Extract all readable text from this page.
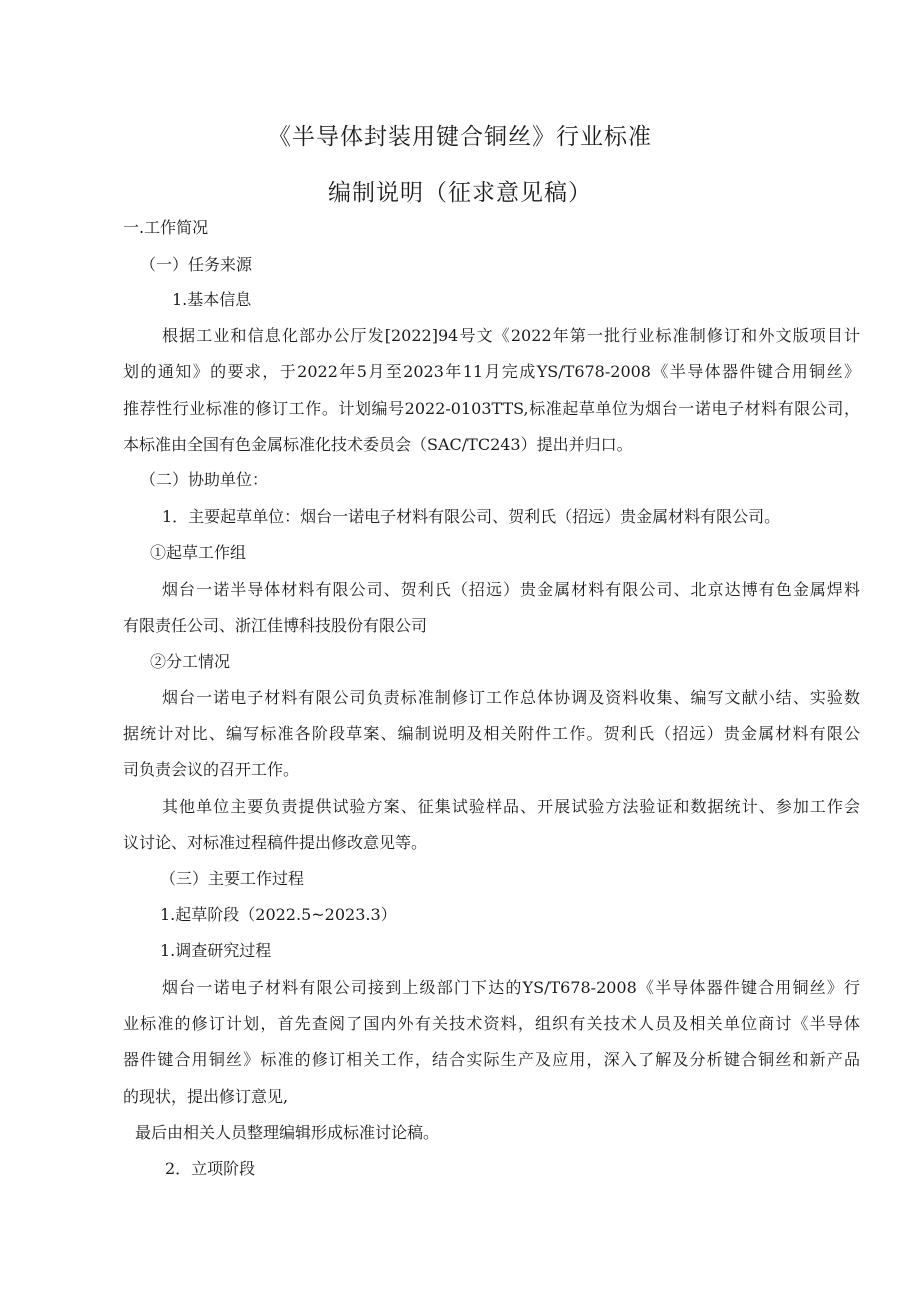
《半导体封装用键合铜丝》行业标准
编制说明（征求意见稿）
一.工作简况
（一）任务来源
1.基本信息
根据工业和信息化部办公厅发[2022]94号文《2022年第一批行业标准制修订和外文版项目计
划的通知》的要求，于2022年5月至2023年11月完成YS/T678-2008《半导体器件键合用铜丝》
推荐性行业标准的修订工作。计划编号2022-0103TTS,标准起草单位为烟台一诺电子材料有限公司，
本标准由全国有色金属标准化技术委员会（SAC/TC243）提出并归口。
（二）协助单位：
1．主要起草单位：烟台一诺电子材料有限公司、贺利氏（招远）贵金属材料有限公司。
①起草工作组
烟台一诺半导体材料有限公司、贺利氏（招远）贵金属材料有限公司、北京达博有色金属焊料
有限责任公司、浙江佳博科技股份有限公司
②分工情况
烟台一诺电子材料有限公司负责标准制修订工作总体协调及资料收集、编写文献小结、实验数
据统计对比、编写标准各阶段草案、编制说明及相关附件工作。贺利氏（招远）贵金属材料有限公
司负责会议的召开工作。
其他单位主要负责提供试验方案、征集试验样品、开展试验方法验证和数据统计、参加工作会
议讨论、对标准过程稿件提出修改意见等。
（三）主要工作过程
1.起草阶段（2022.5~2023.3）
1.调查研究过程
烟台一诺电子材料有限公司接到上级部门下达的YS/T678-2008《半导体器件键合用铜丝》行
业标准的修订计划，首先查阅了国内外有关技术资料，组织有关技术人员及相关单位商讨《半导体
器件键合用铜丝》标准的修订相关工作，结合实际生产及应用，深入了解及分析键合铜丝和新产品
的现状，提出修订意见,
最后由相关人员整理编辑形成标准讨论稿。
2．立项阶段
